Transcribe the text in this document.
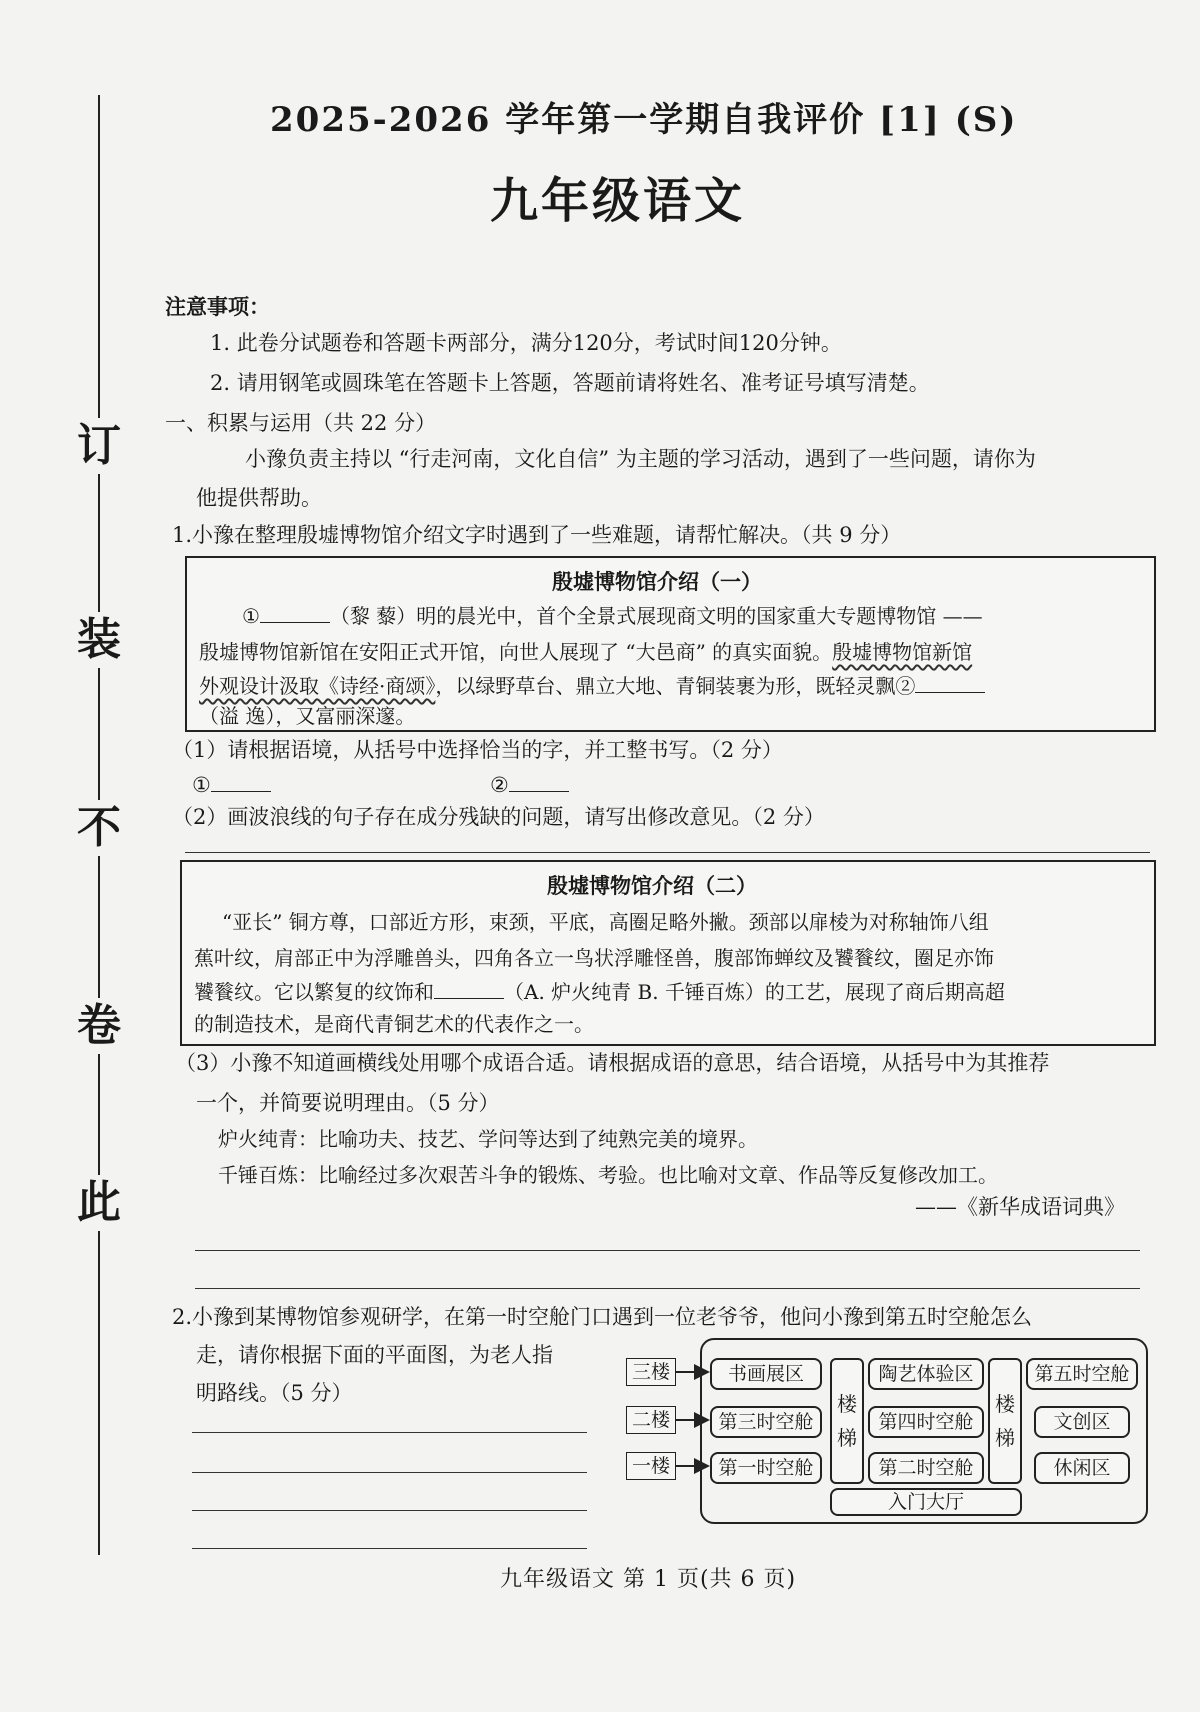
此
卷
不
装
订
2025-2026 学年第一学期自我评价 [1] (S)
九年级语文
注意事项：
1. 此卷分试题卷和答题卡两部分，满分120分，考试时间120分钟。
2. 请用钢笔或圆珠笔在答题卡上答题，答题前请将姓名、准考证号填写清楚。
一、积累与运用（共 22 分）
小豫负责主持以 “行走河南，文化自信” 为主题的学习活动，遇到了一些问题，请你为
他提供帮助。
1.小豫在整理殷墟博物馆介绍文字时遇到了一些难题，请帮忙解决。（共 9 分）
殷墟博物馆介绍（一）
①	（黎 藜）明的晨光中，首个全景式展现商文明的国家重大专题博物馆 ——
殷墟博物馆新馆在安阳正式开馆，向世人展现了 “大邑商” 的真实面貌。殷墟博物馆新馆
外观设计汲取《诗经·商颂》，以绿野草台、鼎立大地、青铜装裹为形，既轻灵飘②
（溢 逸），又富丽深邃。
（1）请根据语境，从括号中选择恰当的字，并工整书写。（2 分）
①	②
（2）画波浪线的句子存在成分残缺的问题，请写出修改意见。（2 分）
殷墟博物馆介绍（二）
“亚长” 铜方尊，口部近方形，束颈，平底，高圈足略外撇。颈部以扉棱为对称轴饰八组
蕉叶纹，肩部正中为浮雕兽头，四角各立一鸟状浮雕怪兽，腹部饰蝉纹及饕餮纹，圈足亦饰
饕餮纹。它以繁复的纹饰和	（A. 炉火纯青 B. 千锤百炼）的工艺，展现了商后期高超
的制造技术，是商代青铜艺术的代表作之一。
（3）小豫不知道画横线处用哪个成语合适。请根据成语的意思，结合语境，从括号中为其推荐
一个，并简要说明理由。（5 分）
炉火纯青：比喻功夫、技艺、学问等达到了纯熟完美的境界。
千锤百炼：比喻经过多次艰苦斗争的锻炼、考验。也比喻对文章、作品等反复修改加工。
——《新华成语词典》
2.小豫到某博物馆参观研学，在第一时空舱门口遇到一位老爷爷，他问小豫到第五时空舱怎么
走，请你根据下面的平面图，为老人指
明路线。（5 分）
三楼
二楼
一楼
书画展区
第三时空舱
第一时空舱
楼
梯
陶艺体验区
第四时空舱
第二时空舱
楼
梯
第五时空舱
文创区
休闲区
入门大厅
九年级语文 第 1 页(共 6 页)
